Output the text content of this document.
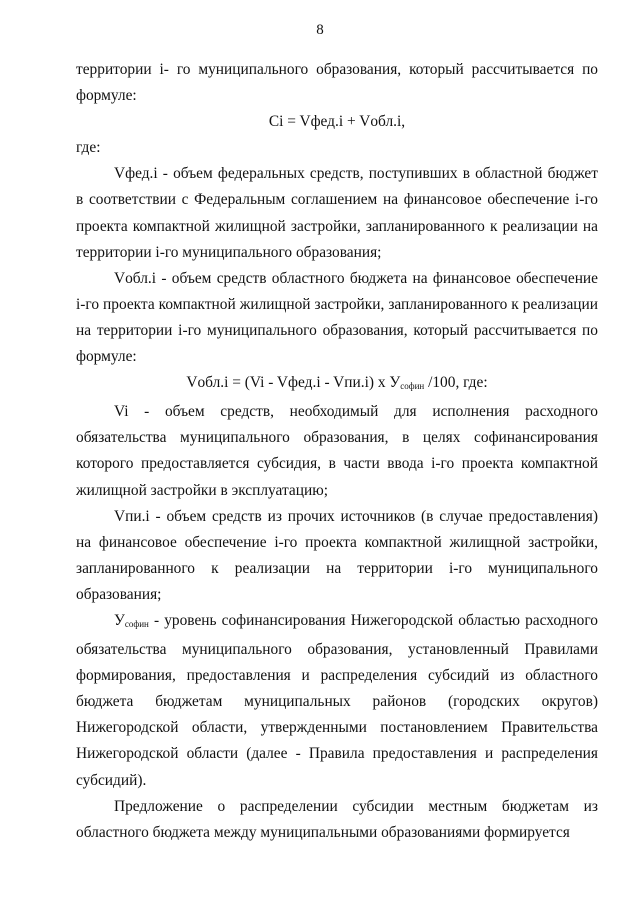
8

территории i- го муниципального образования, который рассчитывается по формуле:

Ci = Vфед.i + Vобл.i,

где:

Vфед.i - объем федеральных средств, поступивших в областной бюджет в соответствии с Федеральным соглашением на финансовое обеспечение i-го проекта компактной жилищной застройки, запланированного к реализации на территории i-го муниципального образования;

Vобл.i - объем средств областного бюджета на финансовое обеспечение i-го проекта компактной жилищной застройки, запланированного к реализации на территории i-го муниципального образования, который рассчитывается по формуле:

Vобл.i = (Vi - Vфед.i - Vпи.i) x $У_{софин}$ /100, где:

Vi - объем средств, необходимый для исполнения расходного обязательства муниципального образования, в целях софинансирования которого предоставляется субсидия, в части ввода i-го проекта компактной жилищной застройки в эксплуатацию;

Vпи.i - объем средств из прочих источников (в случае предоставления) на финансовое обеспечение i-го проекта компактной жилищной застройки, запланированного к реализации на территории i-го муниципального образования;

$У_{софин}$ - уровень софинансирования Нижегородской областью расходного обязательства муниципального образования, установленный Правилами формирования, предоставления и распределения субсидий из областного бюджета бюджетам муниципальных районов (городских округов) Нижегородской области, утвержденными постановлением Правительства Нижегородской области (далее - Правила предоставления и распределения субсидий).

Предложение о распределении субсидии местным бюджетам из областного бюджета между муниципальными образованиями формируется
